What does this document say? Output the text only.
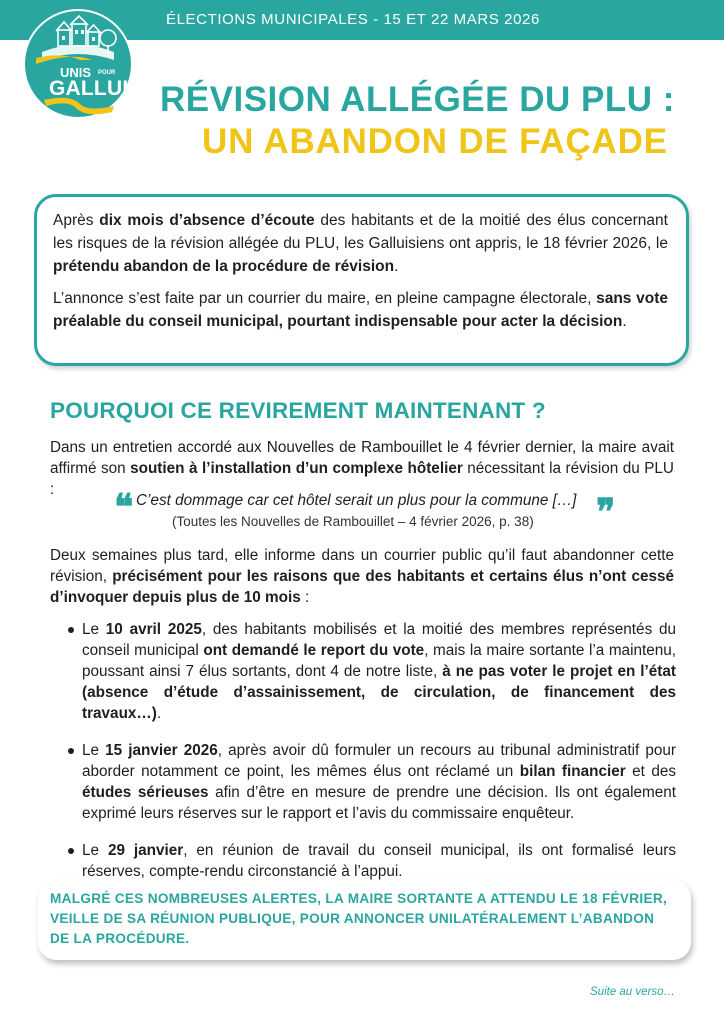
ÉLECTIONS MUNICIPALES - 15 ET 22 MARS 2026
UNIS POUR
GALLUIS RÉVISION ALLÉGÉE DU PLU :
UN ABANDON DE FAÇADE

Après dix mois d’absence d’écoute des habitants et de la moitié des élus concernant les risques de la révision allégée du PLU, les Galluisiens ont appris, le 18 février 2026, le prétendu abandon de la procédure de révision.

L’annonce s’est faite par un courrier du maire, en pleine campagne électorale, sans vote préalable du conseil municipal, pourtant indispensable pour acter la décision.

POURQUOI CE REVIREMENT MAINTENANT ?

Dans un entretien accordé aux Nouvelles de Rambouillet le 4 février dernier, la maire avait affirmé son soutien à l’installation d’un complexe hôtelier nécessitant la révision du PLU :	❝ C’est dommage car cet hôtel serait un plus pour la commune […] ❞
(Toutes les Nouvelles de Rambouillet – 4 février 2026, p. 38)

Deux semaines plus tard, elle informe dans un courrier public qu’il faut abandonner cette révision, précisément pour les raisons que des habitants et certains élus n’ont cessé d’invoquer depuis plus de 10 mois :

Le 10 avril 2025, des habitants mobilisés et la moitié des membres représentés du conseil municipal ont demandé le report du vote, mais la maire sortante l’a maintenu, poussant ainsi 7 élus sortants, dont 4 de notre liste, à ne pas voter le projet en l’état (absence d’étude d’assainissement, de circulation, de financement des travaux…).
Le 15 janvier 2026, après avoir dû formuler un recours au tribunal administratif pour aborder notamment ce point, les mêmes élus ont réclamé un bilan financier et des études sérieuses afin d’être en mesure de prendre une décision. Ils ont également exprimé leurs réserves sur le rapport et l’avis du commissaire enquêteur.
Le 29 janvier, en réunion de travail du conseil municipal, ils ont formalisé leurs réserves, compte-rendu circonstancié à l’appui.
MALGRÉ CES NOMBREUSES ALERTES, LA MAIRE SORTANTE A ATTENDU LE 18 FÉVRIER, VEILLE DE SA RÉUNION PUBLIQUE, POUR ANNONCER UNILATÉRALEMENT L’ABANDON DE LA PROCÉDURE.
Suite au verso…
